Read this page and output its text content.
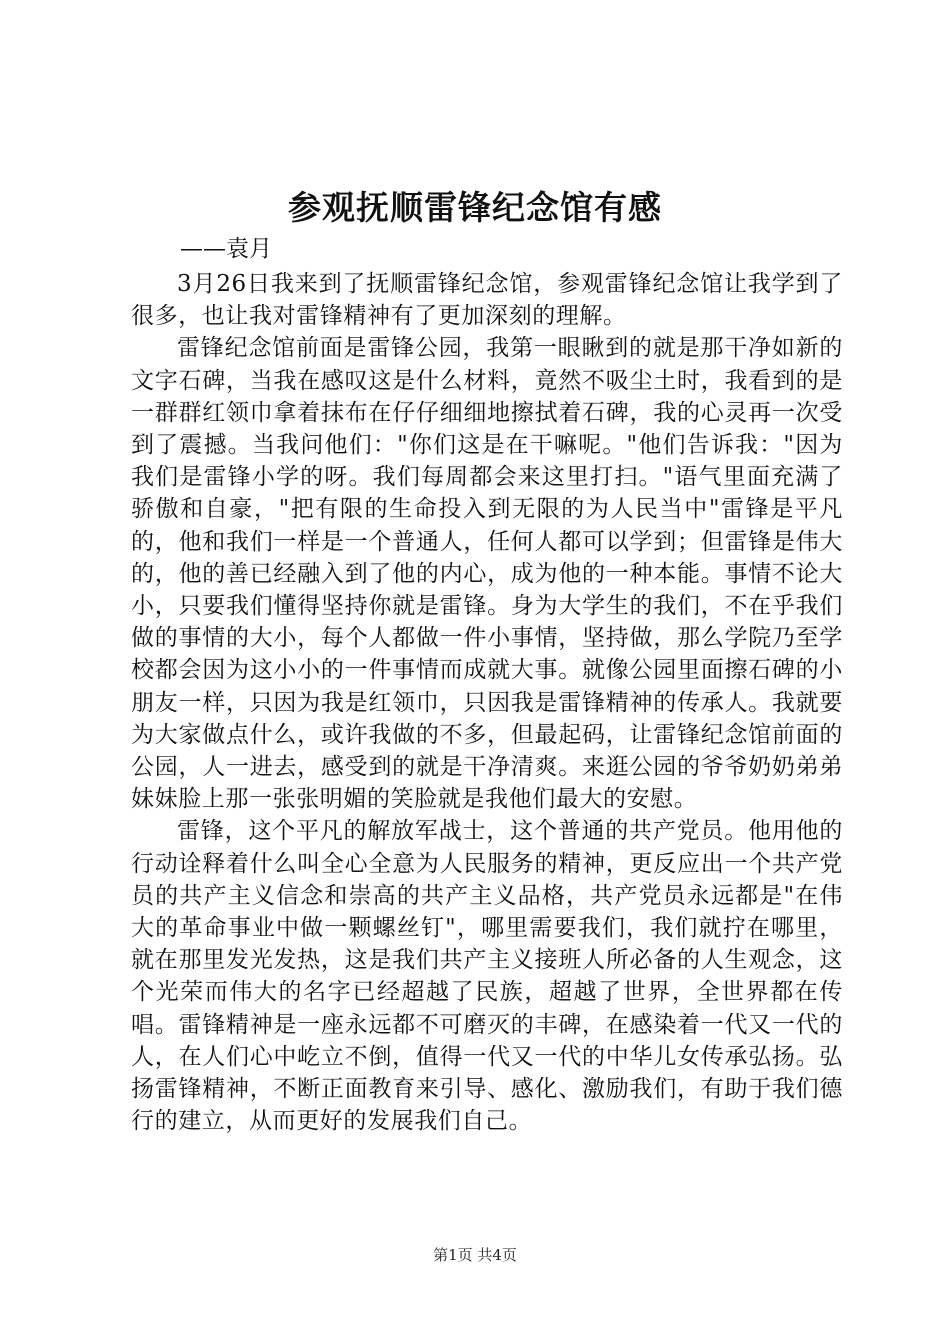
参观抚顺雷锋纪念馆有感
——袁月

3月26日我来到了抚顺雷锋纪念馆，参观雷锋纪念馆让我学到了很多，也让我对雷锋精神有了更加深刻的理解。

雷锋纪念馆前面是雷锋公园，我第一眼瞅到的就是那干净如新的文字石碑，当我在感叹这是什么材料，竟然不吸尘土时，我看到的是一群群红领巾拿着抹布在仔仔细细地擦拭着石碑，我的心灵再一次受到了震撼。当我问他们："你们这是在干嘛呢。"他们告诉我："因为我们是雷锋小学的呀。我们每周都会来这里打扫。"语气里面充满了骄傲和自豪，"把有限的生命投入到无限的为人民当中"雷锋是平凡的，他和我们一样是一个普通人，任何人都可以学到；但雷锋是伟大的，他的善已经融入到了他的内心，成为他的一种本能。事情不论大小，只要我们懂得坚持你就是雷锋。身为大学生的我们，不在乎我们做的事情的大小，每个人都做一件小事情，坚持做，那么学院乃至学校都会因为这小小的一件事情而成就大事。就像公园里面擦石碑的小朋友一样，只因为我是红领巾，只因我是雷锋精神的传承人。我就要为大家做点什么，或许我做的不多，但最起码，让雷锋纪念馆前面的公园，人一进去，感受到的就是干净清爽。来逛公园的爷爷奶奶弟弟妹妹脸上那一张张明媚的笑脸就是我他们最大的安慰。

雷锋，这个平凡的解放军战士，这个普通的共产党员。他用他的行动诠释着什么叫全心全意为人民服务的精神，更反应出一个共产党员的共产主义信念和崇高的共产主义品格，共产党员永远都是"在伟大的革命事业中做一颗螺丝钉"，哪里需要我们，我们就拧在哪里，就在那里发光发热，这是我们共产主义接班人所必备的人生观念，这个光荣而伟大的名字已经超越了民族，超越了世界，全世界都在传唱。雷锋精神是一座永远都不可磨灭的丰碑，在感染着一代又一代的人，在人们心中屹立不倒，值得一代又一代的中华儿女传承弘扬。弘扬雷锋精神，不断正面教育来引导、感化、激励我们，有助于我们德行的建立，从而更好的发展我们自己。

第1页 共4页
